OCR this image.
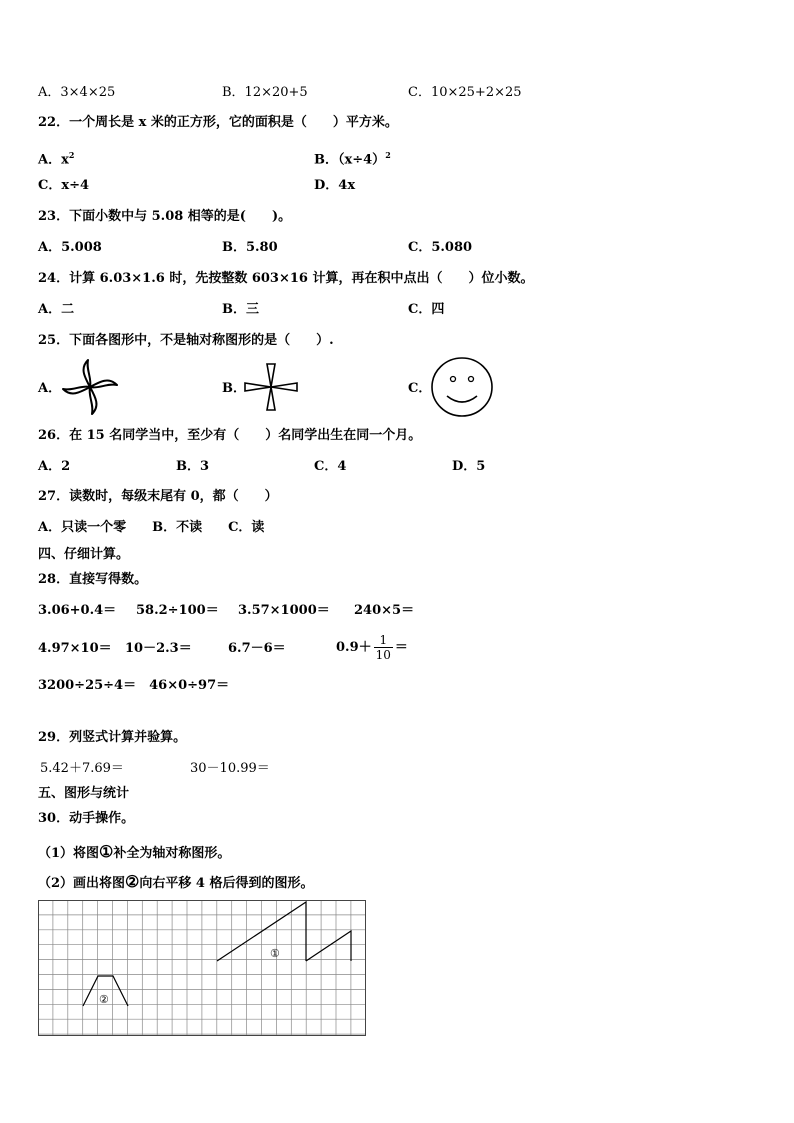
A．3×4×25	B．12×20+5	C．10×25+2×25
22．一个周长是 x 米的正方形，它的面积是（　　）平方米。
A．$x^2$	B．$(x\div 4)^2$
C．x÷4	D．4x
23．下面小数中与 5.08 相等的是(　　)。
A．5.008	B．5.80	C．5.080
24．计算 6.03×1.6 时，先按整数 603×16 计算，再在积中点出（　　）位小数。
A．二	B．三	C．四
25．下面各图形中，不是轴对称图形的是（　　）.
A．	B．	C．
26．在 15 名同学当中，至少有（　　）名同学出生在同一个月。
A．2	B．3	C．4	D．5
27．读数时，每级末尾有 0，都（　　）
A．只读一个零　　B．不读　　C．读
四、仔细计算。
28．直接写得数。
3.06+0.4＝ 58.2÷100＝ 3.57×1000＝ 240×5＝
4.97×10＝ 10－2.3＝	6.7－6＝	$0.9+ \frac{1}{10}$ ＝
3200÷25÷4＝　46×0÷97＝
29．列竖式计算并验算。
5.42＋7.69＝	30－10.99＝
五、图形与统计
30．动手操作。
（1）将图①补全为轴对称图形。
（2）画出将图②向右平移 4 格后得到的图形。
①
②
